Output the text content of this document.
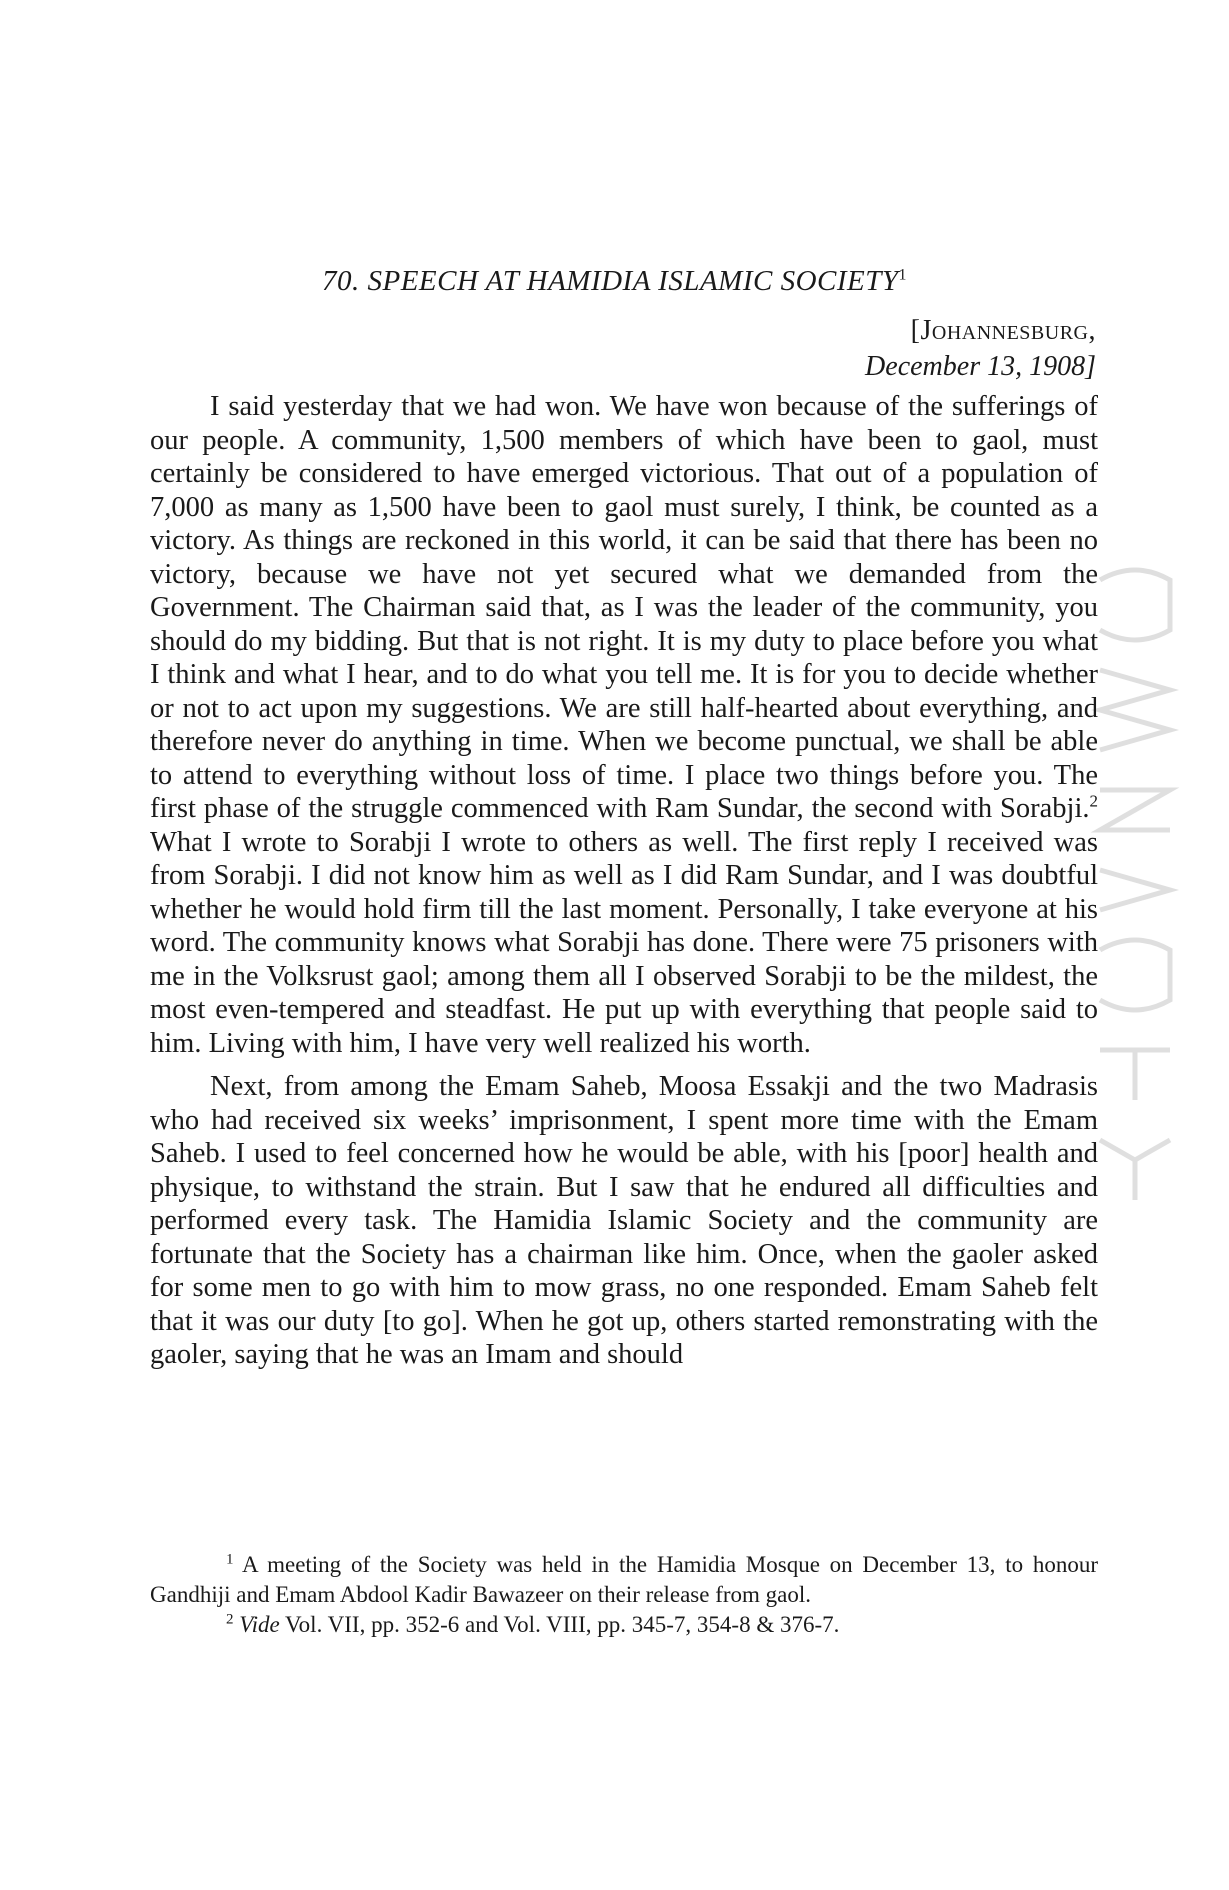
70. SPEECH AT HAMIDIA ISLAMIC SOCIETY$^1$
[Johannesburg,
December 13, 1908]

I said yesterday that we had won. We have won because of the sufferings of our people. A community, 1,500 members of which have been to gaol, must certainly be considered to have emerged victorious. That out of a population of 7,000 as many as 1,500 have been to gaol must surely, I think, be counted as a victory. As things are reckoned in this world, it can be said that there has been no victory, because we have not yet secured what we demanded from the Government. The Chairman said that, as I was the leader of the community, you should do my bidding. But that is not right. It is my duty to place before you what I think and what I hear, and to do what you tell me. It is for you to decide whether or not to act upon my suggestions. We are still half-hearted about everything, and therefore never do anything in time. When we become punctual, we shall be able to attend to everything without loss of time. I place two things before you. The first phase of the struggle commenced with Ram Sundar, the second with Sorabji.$^2$ What I wrote to Sorabji I wrote to others as well. The first reply I received was from Sorabji. I did not know him as well as I did Ram Sundar, and I was doubtful whether he would hold firm till the last moment. Personally, I take everyone at his word. The community knows what Sorabji has done. There were 75 prisoners with me in the Volksrust gaol; among them all I observed Sorabji to be the mildest, the most even-tempered and steadfast. He put up with everything that people said to him. Living with him, I have very well realized his worth.

Next, from among the Emam Saheb, Moosa Essakji and the two Madrasis who had received six weeks’ imprisonment, I spent more time with the Emam Saheb. I used to feel concerned how he would be able, with his [poor] health and physique, to withstand the strain. But I saw that he endured all difficulties and performed every task. The Hamidia Islamic Society and the community are fortunate that the Society has a chairman like him. Once, when the gaoler asked for some men to go with him to mow grass, no one responded. Emam Saheb felt that it was our duty [to go]. When he got up, others started remonstrating with the gaoler, saying that he was an Imam and should

$^1$ A meeting of the Society was held in the Hamidia Mosque on December 13, to honour Gandhiji and Emam Abdool Kadir Bawazeer on their release from gaol.

$^2$ Vide Vol. VII, pp. 352-6 and Vol. VIII, pp. 345-7, 354-8 & 376-7.
